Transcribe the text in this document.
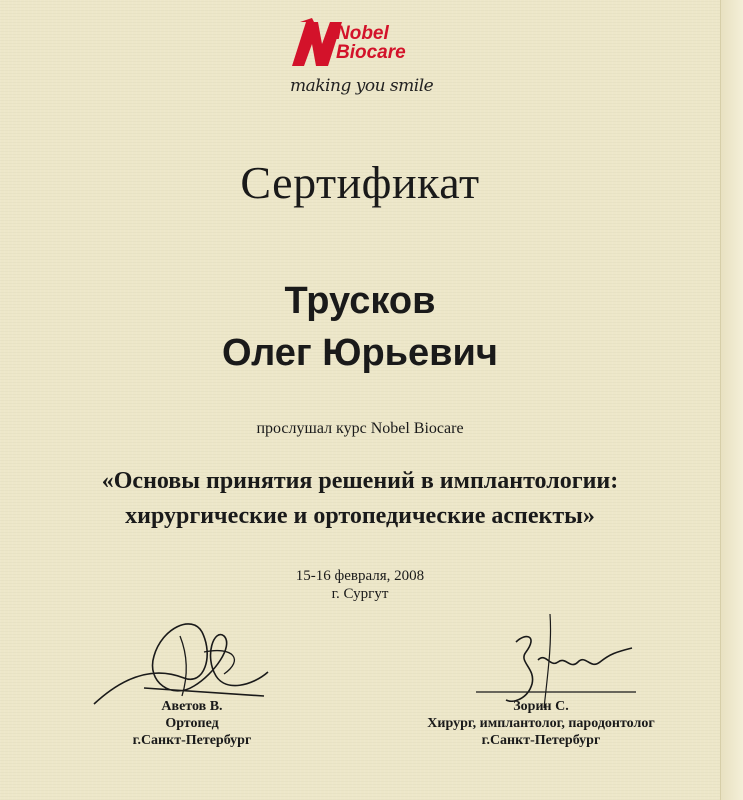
Nobel
Biocare
making you smile
Сертификат
Трусков
Олег Юрьевич
прослушал курс Nobel Biocare
«Основы принятия решений в имплантологии:
хирургические и ортопедические аспекты»
15-16 февраля, 2008
г. Сургут
Аветов В.
Ортопед
г.Санкт-Петербург
Зорин С.
Хирург, имплантолог, пародонтолог
г.Санкт-Петербург
